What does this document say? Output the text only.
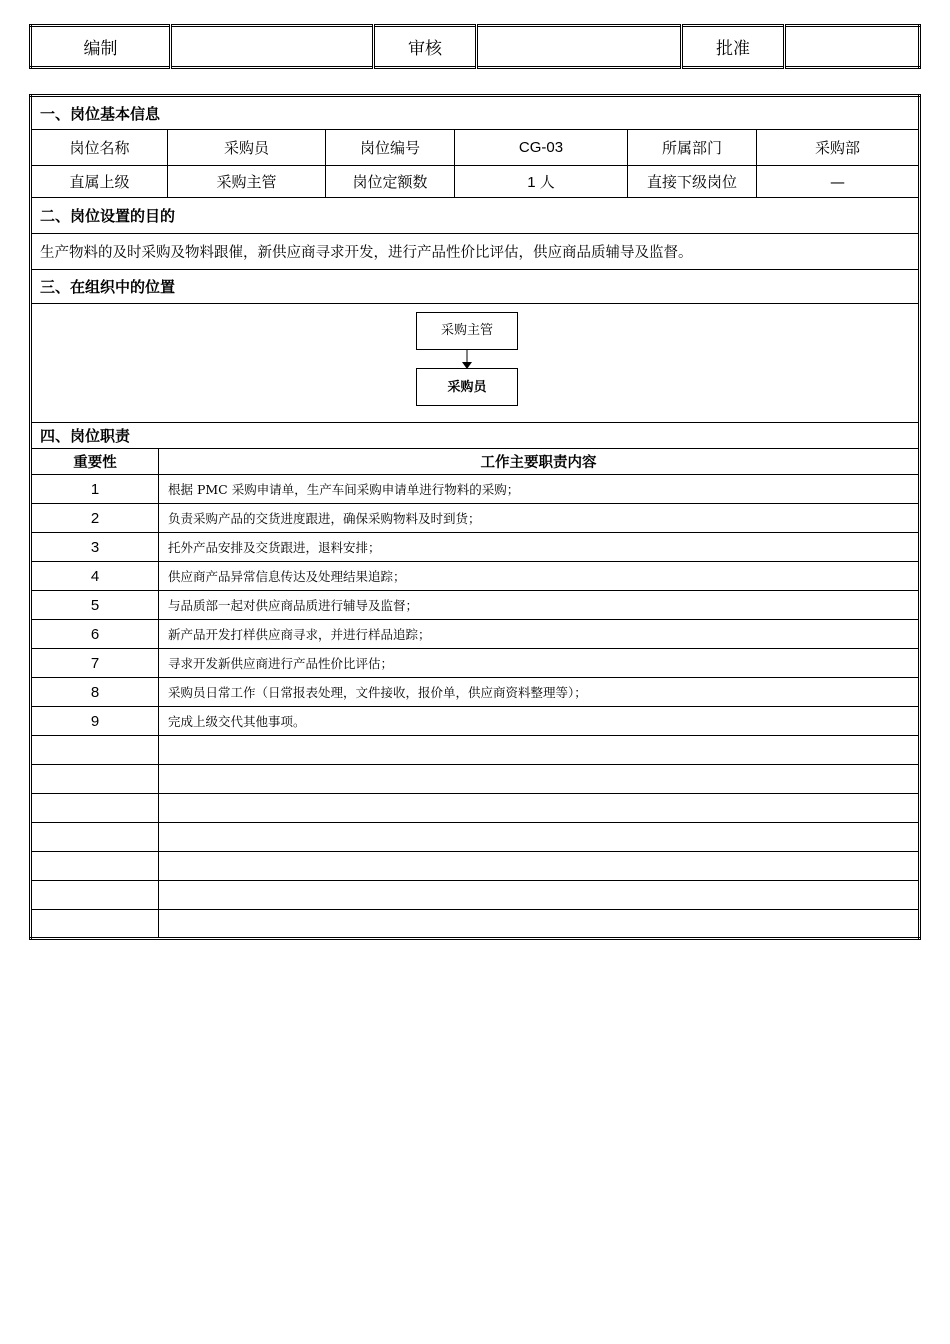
编制		审核		批准	
一、岗位基本信息						
岗位名称		采购员	岗位编号	CG-03	所属部门	采购部
直属上级		采购主管	岗位定额数	1 人	直接下级岗位	—
二、岗位设置的目的						
生产物料的及时采购及物料跟催，新供应商寻求开发，进行产品性价比评估，供应商品质辅导及监督。						
三、在组织中的位置						

采购主管
采购员						

四、岗位职责						
重要性	工作主要职责内容					
1	根据 PMC 采购申请单，生产车间采购申请单进行物料的采购；					
2	负责采购产品的交货进度跟进，确保采购物料及时到货；					
3	托外产品安排及交货跟进，退料安排；					
4	供应商产品异常信息传达及处理结果追踪；					
5	与品质部一起对供应商品质进行辅导及监督；					
6	新产品开发打样供应商寻求，并进行样品追踪；					
7	寻求开发新供应商进行产品性价比评估；					
8	采购员日常工作（日常报表处理，文件接收，报价单，供应商资料整理等）；					
9	完成上级交代其他事项。					
